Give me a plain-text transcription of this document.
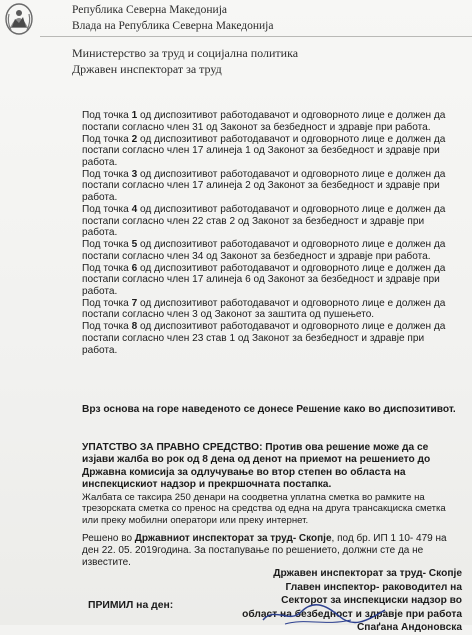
Република Северна Македонија
Влада на Република Северна Македонија
Министерство за труд и социјална политика
Државен инспекторат за труд
Под точка 1 од диспозитивот работодавачот и одговорното лице е должен да постапи согласно член 31 од Законот за безбедност и здравје при работа.
Под точка 2 од диспозитивот работодавачот и одговорното лице е должен да постапи согласно член 17 алинеја 1 од Законот за безбедност и здравје при работа.
Под точка 3 од диспозитивот работодавачот и одговорното лице е должен да постапи согласно член 17 алинеја 2 од Законот за безбедност и здравје при работа.
Под точка 4 од диспозитивот работодавачот и одговорното лице е должен да постапи согласно член 22 став 2 од Законот за безбедност и здравје при работа.
Под точка 5 од диспозитивот работодавачот и одговорното лице е должен да постапи согласно член 34 од Законот за безбедност и здравје при работа.
Под точка 6 од диспозитивот работодавачот и одговорното лице е должен да постапи согласно член 17 алинеја 6 од Законот за безбедност и здравје при работа.
Под точка 7 од диспозитивот работодавачот и одговорното лице е должен да постапи согласно член 3 од Законот за заштита од пушењето.
Под точка 8 од диспозитивот работодавачот и одговорното лице е должен да постапи согласно член 23 став 1 од Законот за безбедност и здравје при работа.
Врз основа на горе наведеното се донесе Решение како во диспозитивот.
УПАТСТВО ЗА ПРАВНО СРЕДСТВО: Против ова решение може да се изјави жалба во рок од 8 дена од денот на приемот на решението до Државна комисија за одлучување во втор степен во областа на инспекцискиот надзор и прекршочната постапка.
Жалбата се таксира 250 денари на соодветна уплатна сметка во рамките на трезорската сметка со пренос на средства од една на друга трансакциска сметка или преку мобилни оператори или преку интернет.
Решено во Државниот инспекторат за труд- Скопје, под бр. ИП 1 10- 479 на ден 22. 05. 2019година. За постапување по решението, должни сте да не известите.
Државен инспекторат за труд- Скопје
Главен инспектор- раководител на
Секторот за инспекциски надзор во
област на безбедност и здравје при работа
Спаґана Андоновска
ПРИМИЛ на ден:
